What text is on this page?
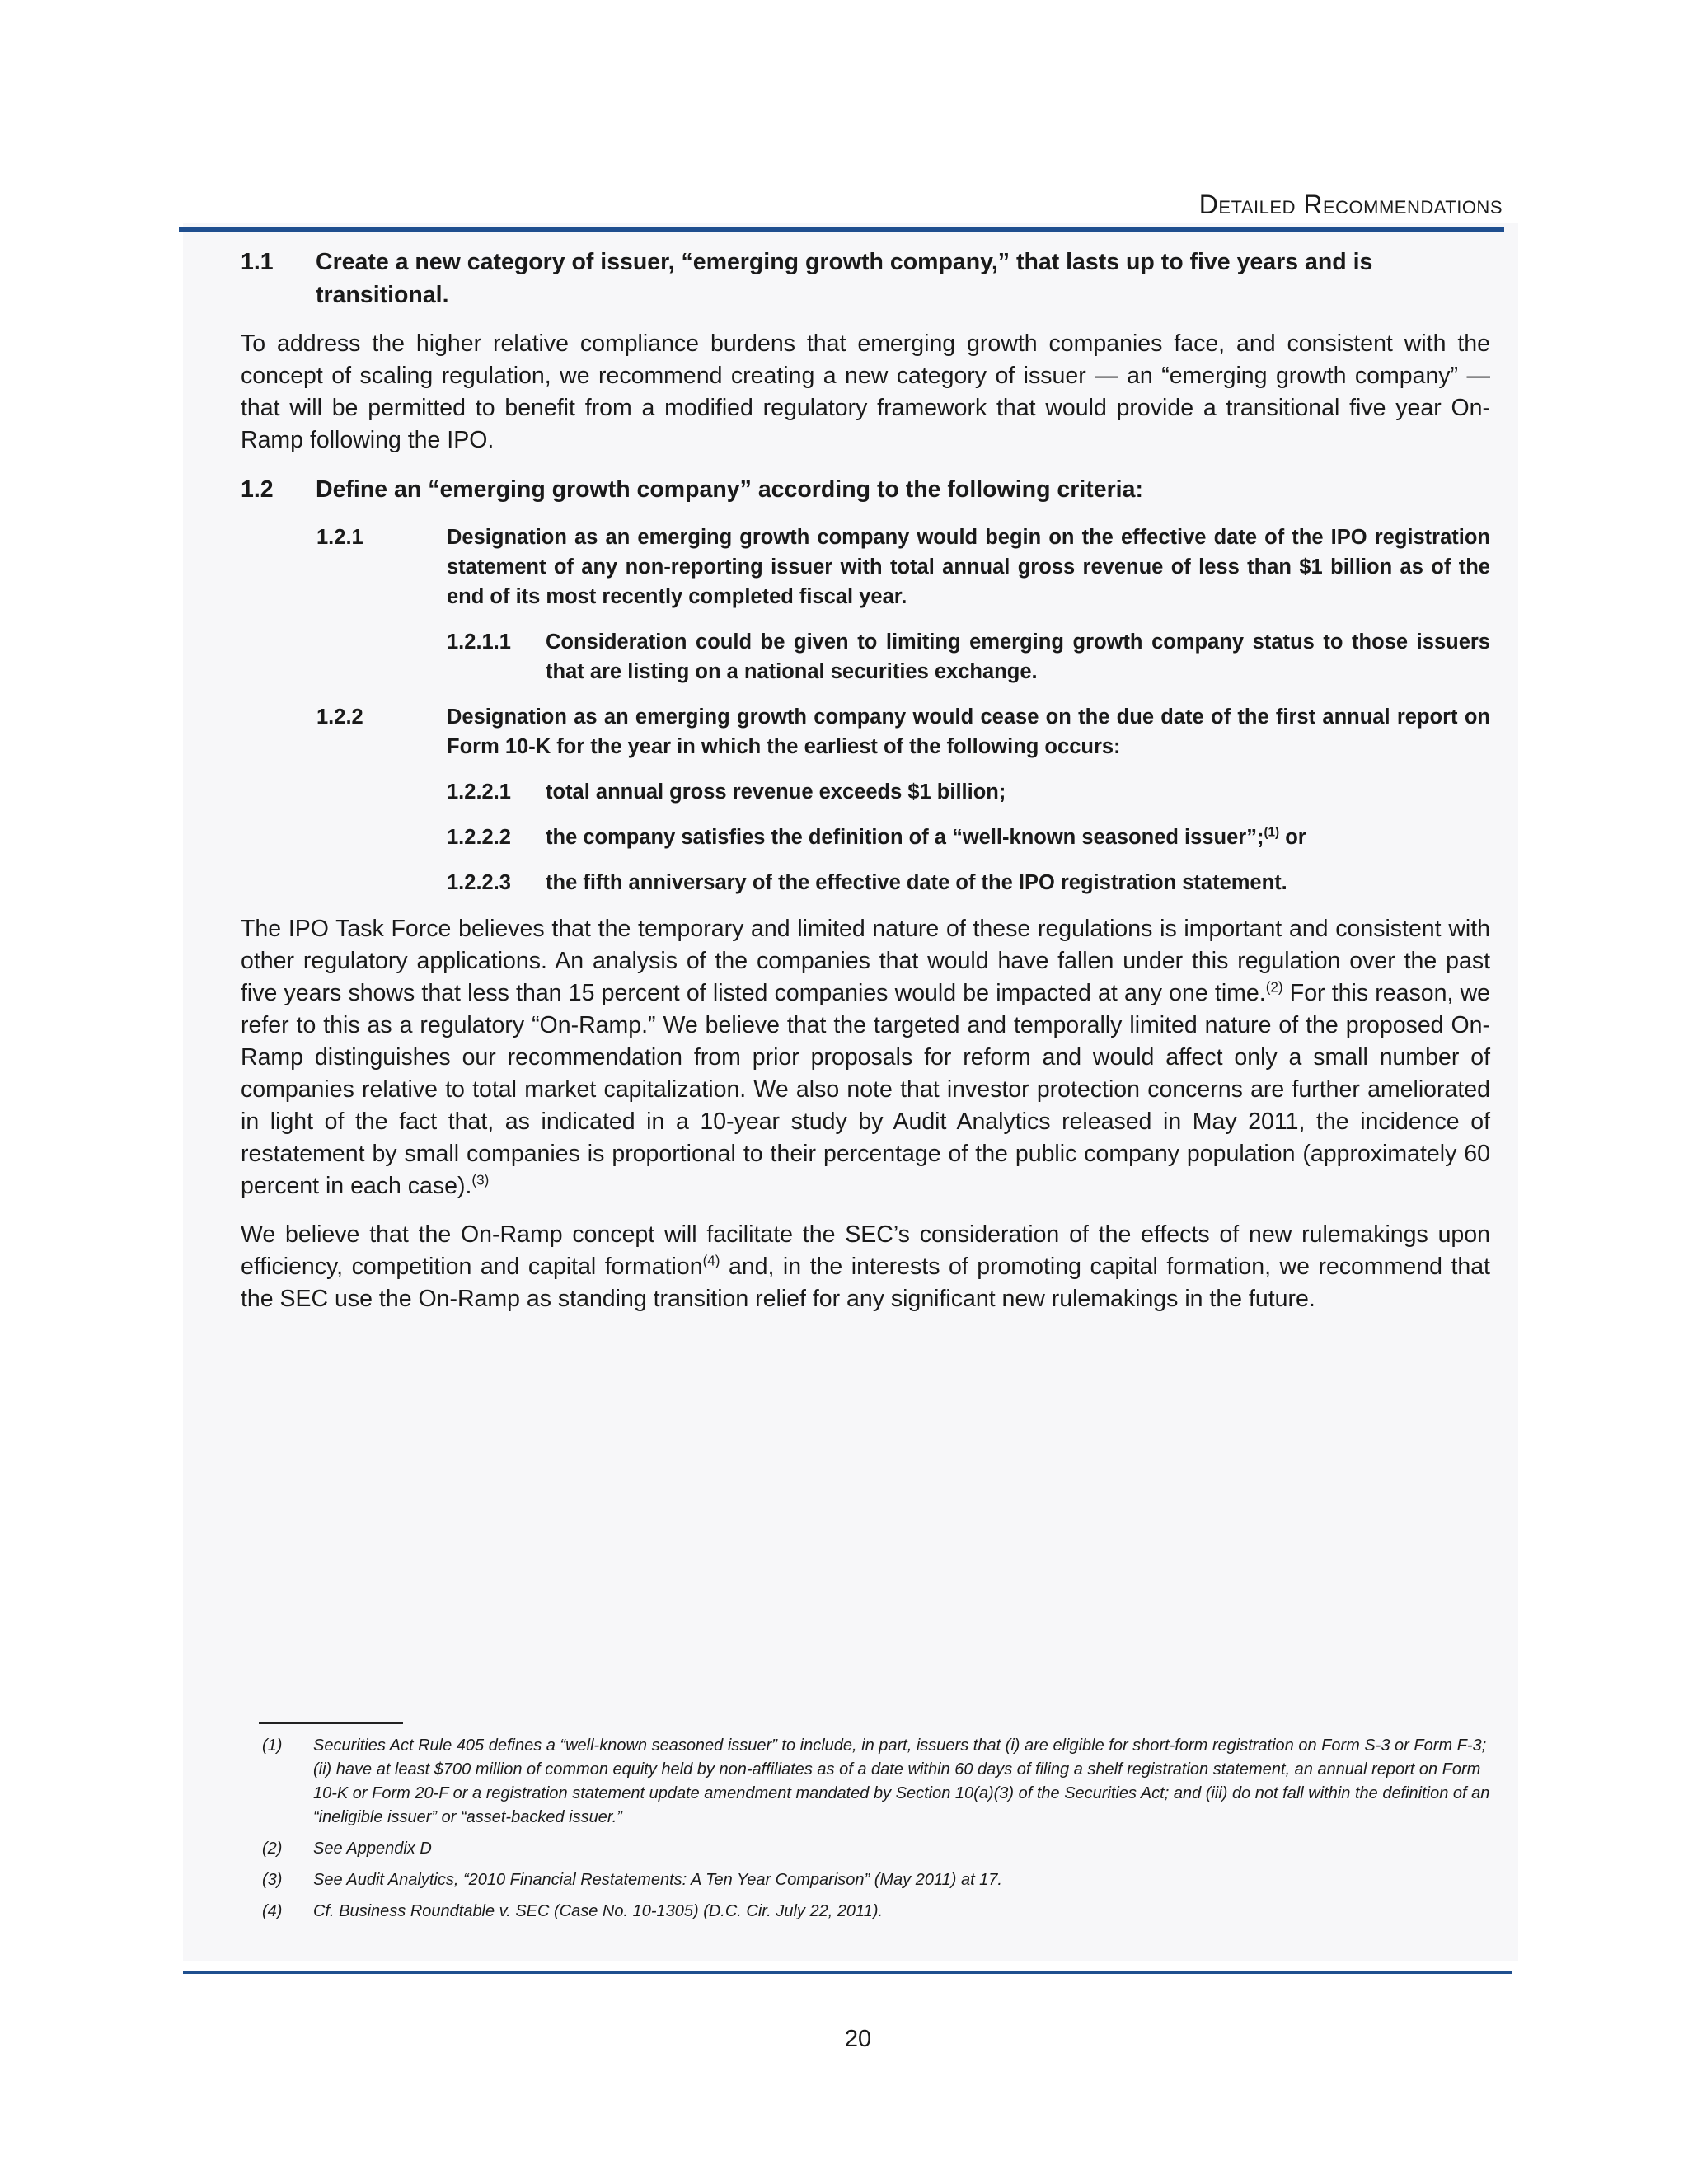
Detailed Recommendations
1.1 Create a new category of issuer, “emerging growth company,” that lasts up to five years and is transitional.

To address the higher relative compliance burdens that emerging growth companies face, and consistent with the concept of scaling regulation, we recommend creating a new category of issuer — an “emerging growth company” — that will be permitted to benefit from a modified regulatory framework that would provide a transitional five year On-Ramp following the IPO.

1.2 Define an “emerging growth company” according to the following criteria:
1.2.1	Designation as an emerging growth company would begin on the effective date of the IPO registration statement of any non-reporting issuer with total annual gross revenue of less than $1 billion as of the end of its most recently completed fiscal year.
1.2.1.1 Consideration could be given to limiting emerging growth company status to those issuers that are listing on a national securities exchange.
1.2.2	Designation as an emerging growth company would cease on the due date of the first annual report on Form 10-K for the year in which the earliest of the following occurs:
1.2.2.1 total annual gross revenue exceeds $1 billion;
1.2.2.2 the company satisfies the definition of a “well-known seasoned issuer”;$^{(1)}$ or
1.2.2.3 the fifth anniversary of the effective date of the IPO registration statement.

The IPO Task Force believes that the temporary and limited nature of these regulations is important and consistent with other regulatory applications. An analysis of the companies that would have fallen under this regulation over the past five years shows that less than 15 percent of listed companies would be impacted at any one time.$^{(2)}$ For this reason, we refer to this as a regulatory “On-Ramp.” We believe that the targeted and temporally limited nature of the proposed On-Ramp distinguishes our recommendation from prior proposals for reform and would affect only a small number of companies relative to total market capitalization. We also note that investor protection concerns are further ameliorated in light of the fact that, as indicated in a 10-year study by Audit Analytics released in May 2011, the incidence of restatement by small companies is proportional to their percentage of the public company population (approximately 60 percent in each case).$^{(3)}$

We believe that the On-Ramp concept will facilitate the SEC’s consideration of the effects of new rulemakings upon efficiency, competition and capital formation$^{(4)}$ and, in the interests of promoting capital formation, we recommend that the SEC use the On-Ramp as standing transition relief for any significant new rulemakings in the future.

(1) Securities Act Rule 405 defines a “well-known seasoned issuer” to include, in part, issuers that (i) are eligible for short-form registration on Form S-3 or Form F-3; (ii) have at least $700 million of common equity held by non-affiliates as of a date within 60 days of filing a shelf registration statement, an annual report on Form 10-K or Form 20-F or a registration statement update amendment mandated by Section 10(a)(3) of the Securities Act; and (iii) do not fall within the definition of an “ineligible issuer” or “asset-backed issuer.”
(2) See Appendix D
(3) See Audit Analytics, “2010 Financial Restatements: A Ten Year Comparison” (May 2011) at 17.
(4) Cf. Business Roundtable v. SEC (Case No. 10-1305) (D.C. Cir. July 22, 2011).
20
